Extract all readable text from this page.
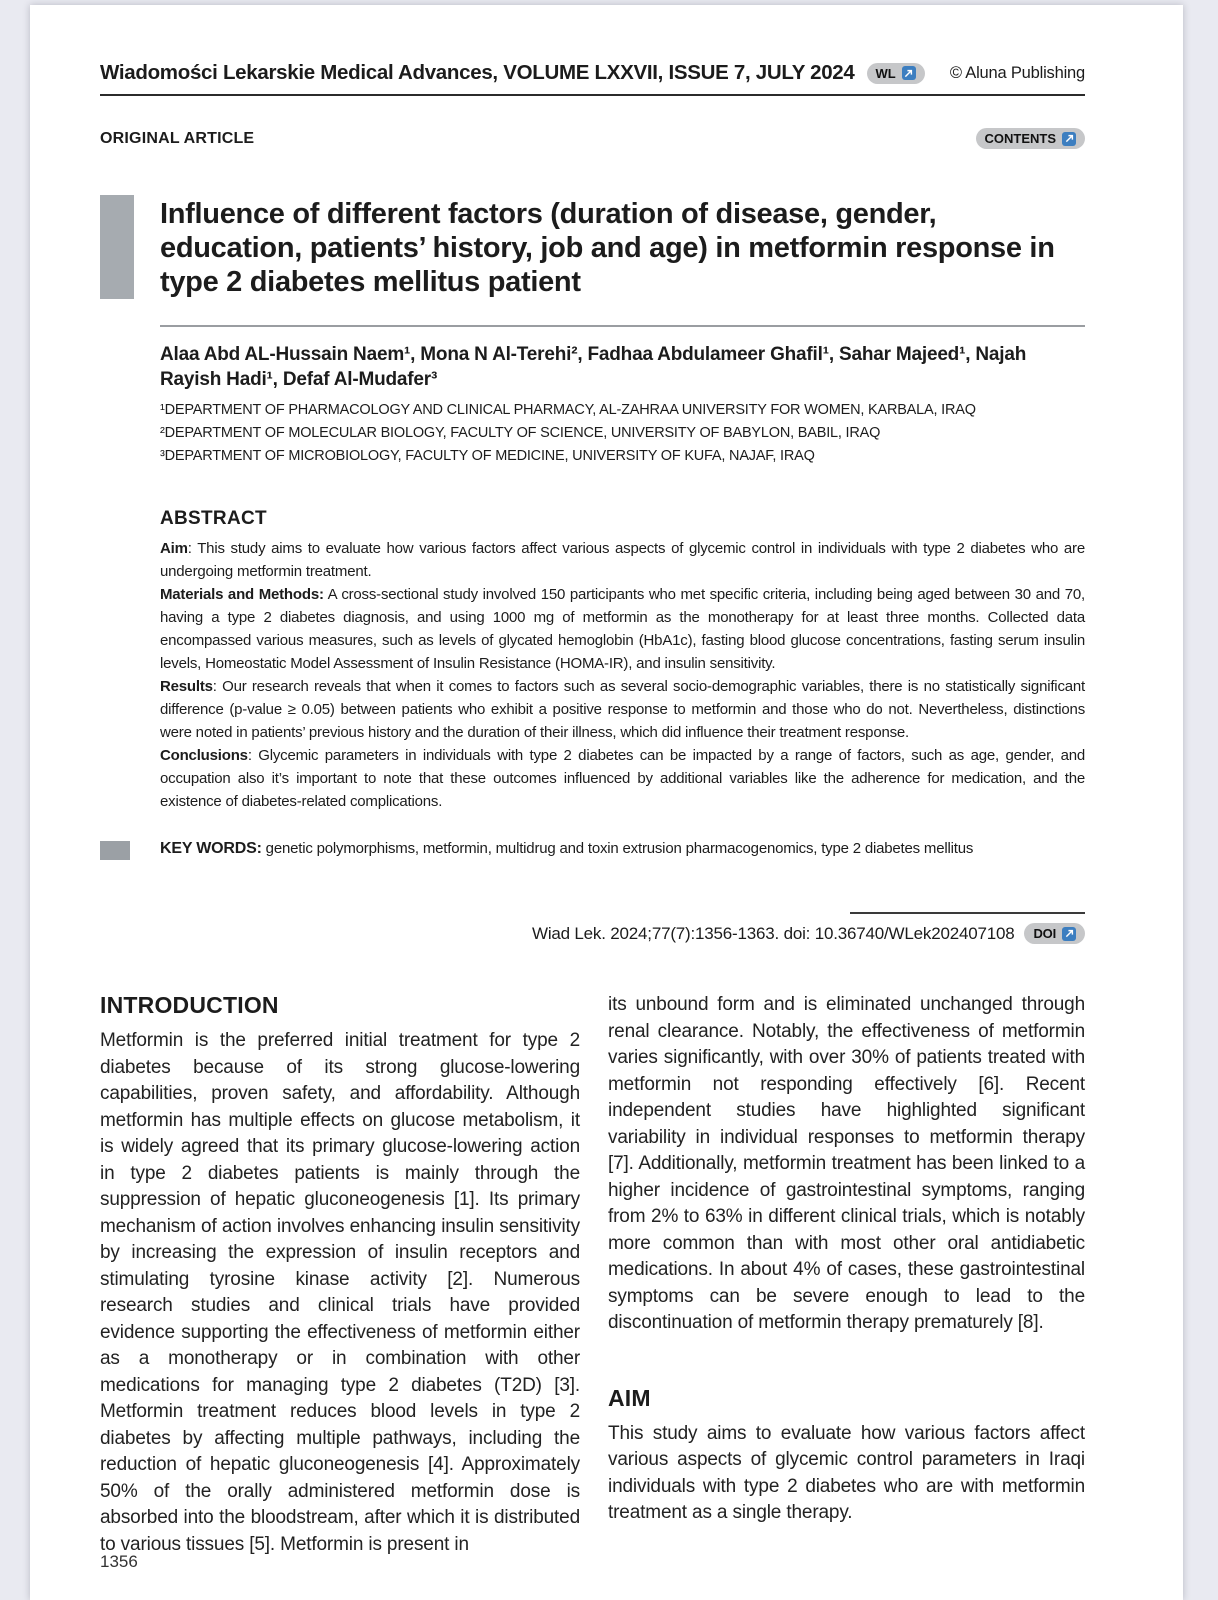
Wiadomości Lekarskie Medical Advances, VOLUME LXXVII, ISSUE 7, JULY 2024 WL	© Aluna Publishing
ORIGINAL ARTICLE	CONTENTS
Influence of different factors (duration of disease, gender, education, patients’ history, job and age) in metformin response in type 2 diabetes mellitus patient

Alaa Abd AL-Hussain Naem¹, Mona N Al-Terehi², Fadhaa Abdulameer Ghafil¹, Sahar Majeed¹, Najah Rayish Hadi¹, Defaf Al-Mudafer³

¹DEPARTMENT OF PHARMACOLOGY AND CLINICAL PHARMACY, AL-ZAHRAA UNIVERSITY FOR WOMEN, KARBALA, IRAQ

²DEPARTMENT OF MOLECULAR BIOLOGY, FACULTY OF SCIENCE, UNIVERSITY OF BABYLON, BABIL, IRAQ

³DEPARTMENT OF MICROBIOLOGY, FACULTY OF MEDICINE, UNIVERSITY OF KUFA, NAJAF, IRAQ

ABSTRACT

Aim: This study aims to evaluate how various factors affect various aspects of glycemic control in individuals with type 2 diabetes who are undergoing metformin treatment.

Materials and Methods: A cross-sectional study involved 150 participants who met specific criteria, including being aged between 30 and 70, having a type 2 diabetes diagnosis, and using 1000 mg of metformin as the monotherapy for at least three months. Collected data encompassed various measures, such as levels of glycated hemoglobin (HbA1c), fasting blood glucose concentrations, fasting serum insulin levels, Homeostatic Model Assessment of Insulin Resistance (HOMA-IR), and insulin sensitivity.

Results: Our research reveals that when it comes to factors such as several socio-demographic variables, there is no statistically significant difference (p-value ≥ 0.05) between patients who exhibit a positive response to metformin and those who do not. Nevertheless, distinctions were noted in patients’ previous history and the duration of their illness, which did influence their treatment response.

Conclusions: Glycemic parameters in individuals with type 2 diabetes can be impacted by a range of factors, such as age, gender, and occupation also it’s important to note that these outcomes influenced by additional variables like the adherence for medication, and the existence of diabetes-related complications.

KEY WORDS: genetic polymorphisms, metformin, multidrug and toxin extrusion pharmacogenomics, type 2 diabetes mellitus

Wiad Lek. 2024;77(7):1356-1363. doi: 10.36740/WLek202407108 DOI
INTRODUCTION

Metformin is the preferred initial treatment for type 2 diabetes because of its strong glucose-lowering capabilities, proven safety, and affordability. Although metformin has multiple effects on glucose metabolism, it is widely agreed that its primary glucose-lowering action in type 2 diabetes patients is mainly through the suppression of hepatic gluconeogenesis [1]. Its primary mechanism of action involves enhancing insulin sensitivity by increasing the expression of insulin receptors and stimulating tyrosine kinase activity [2]. Numerous research studies and clinical trials have provided evidence supporting the effectiveness of metformin either as a monotherapy or in combination with other medications for managing type 2 diabetes (T2D) [3]. Metformin treatment reduces blood levels in type 2 diabetes by affecting multiple pathways, including the reduction of hepatic gluconeogenesis [4]. Approximately 50% of the orally administered metformin dose is absorbed into the bloodstream, after which it is distributed to various tissues [5]. Metformin is present in

its unbound form and is eliminated unchanged through renal clearance. Notably, the effectiveness of metformin varies significantly, with over 30% of patients treated with metformin not responding effectively [6]. Recent independent studies have highlighted significant variability in individual responses to metformin therapy [7]. Additionally, metformin treatment has been linked to a higher incidence of gastrointestinal symptoms, ranging from 2% to 63% in different clinical trials, which is notably more common than with most other oral antidiabetic medications. In about 4% of cases, these gastrointestinal symptoms can be severe enough to lead to the discontinuation of metformin therapy prematurely [8].

AIM

This study aims to evaluate how various factors affect various aspects of glycemic control parameters in Iraqi individuals with type 2 diabetes who are with metformin treatment as a single therapy.

1356
